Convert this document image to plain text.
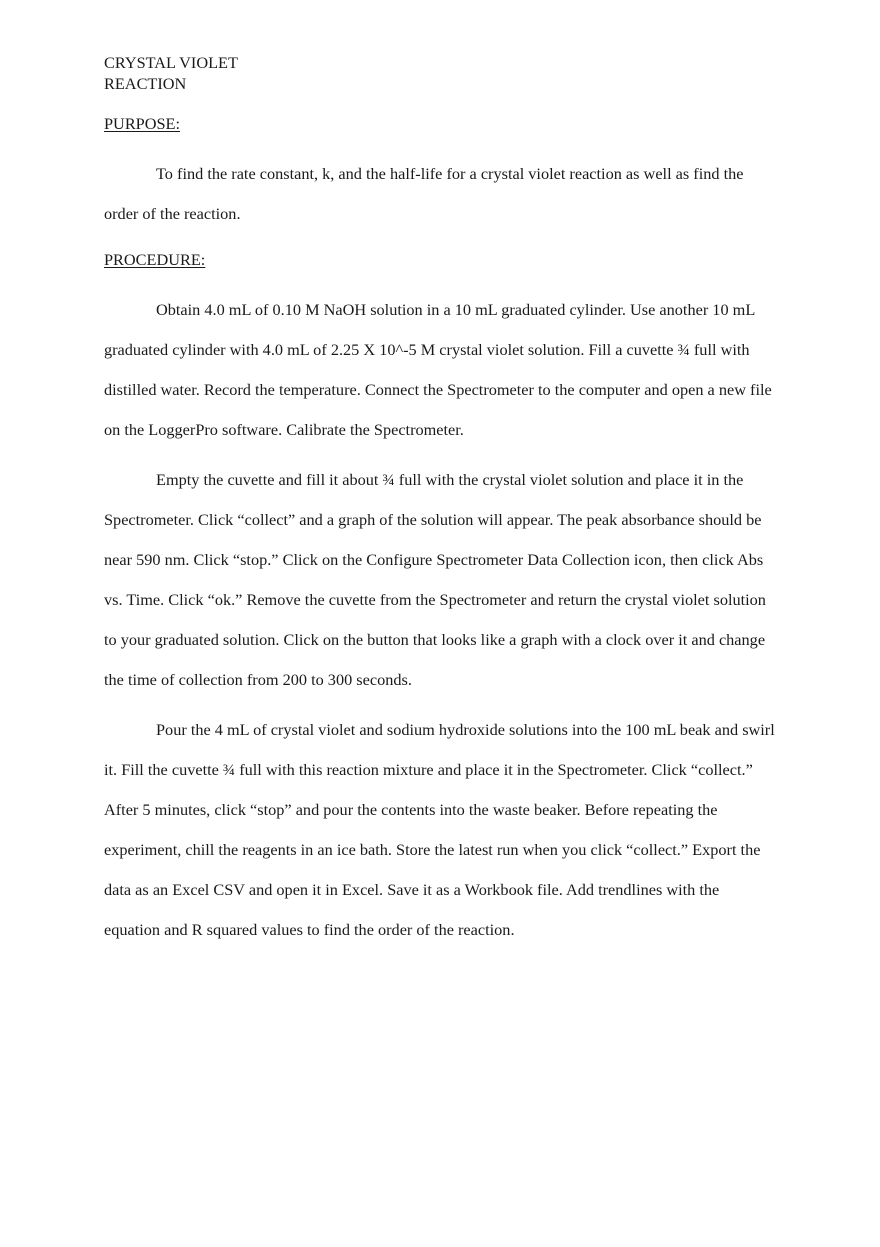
CRYSTAL VIOLET
REACTION

PURPOSE:

To find the rate constant, k, and the half-life for a crystal violet reaction as well as find the order of the reaction.

PROCEDURE:

Obtain 4.0 mL of 0.10 M NaOH solution in a 10 mL graduated cylinder. Use another 10 mL graduated cylinder with 4.0 mL of 2.25 X 10^-5 M crystal violet solution. Fill a cuvette ¾ full with distilled water. Record the temperature. Connect the Spectrometer to the computer and open a new file on the LoggerPro software. Calibrate the Spectrometer.

Empty the cuvette and fill it about ¾ full with the crystal violet solution and place it in the Spectrometer. Click “collect” and a graph of the solution will appear. The peak absorbance should be near 590 nm. Click “stop.” Click on the Configure Spectrometer Data Collection icon, then click Abs vs. Time. Click “ok.” Remove the cuvette from the Spectrometer and return the crystal violet solution to your graduated solution. Click on the button that looks like a graph with a clock over it and change the time of collection from 200 to 300 seconds.

Pour the 4 mL of crystal violet and sodium hydroxide solutions into the 100 mL beak and swirl it. Fill the cuvette ¾ full with this reaction mixture and place it in the Spectrometer. Click “collect.” After 5 minutes, click “stop” and pour the contents into the waste beaker. Before repeating the experiment, chill the reagents in an ice bath. Store the latest run when you click “collect.” Export the data as an Excel CSV and open it in Excel. Save it as a Workbook file. Add trendlines with the equation and R squared values to find the order of the reaction.
